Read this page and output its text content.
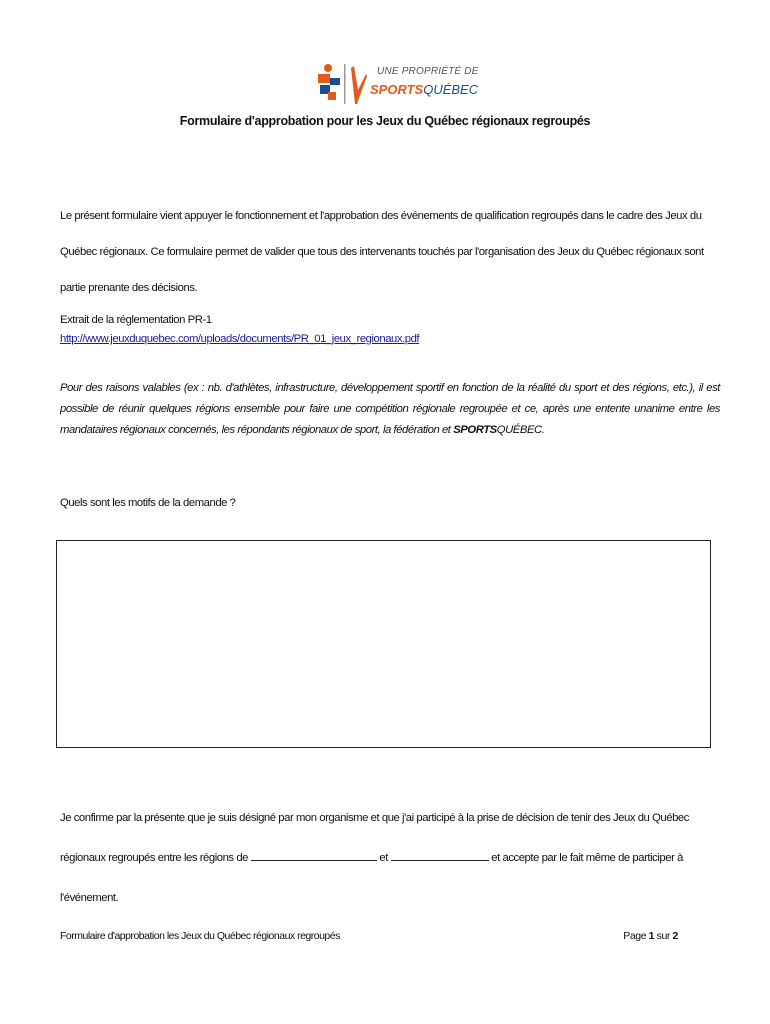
UNE PROPRIÉTÉ DE
SPORTSQUÉBEC
Formulaire d'approbation pour les Jeux du Québec régionaux regroupés
Le présent formulaire vient appuyer le fonctionnement et l'approbation des événements de qualification regroupés dans le cadre des Jeux du Québec régionaux. Ce formulaire permet de valider que tous des intervenants touchés par l'organisation des Jeux du Québec régionaux sont partie prenante des décisions.
Extrait de la réglementation PR-1
http://www.jeuxduquebec.com/uploads/documents/PR_01_jeux_regionaux.pdf
Pour des raisons valables (ex : nb. d'athlètes, infrastructure, développement sportif en fonction de la réalité du sport et des régions, etc.), il est possible de réunir quelques régions ensemble pour faire une compétition régionale regroupée et ce, après une entente unanime entre les mandataires régionaux concernés, les répondants régionaux de sport, la fédération et SPORTSQUÉBEC.
Quels sont les motifs de la demande ?
Je confirme par la présente que je suis désigné par mon organisme et que j'ai participé à la prise de décision de tenir des Jeux du Québec régionaux regroupés entre les régions de	et	et accepte par le fait même de participer à l'événement.
Formulaire d'approbation les Jeux du Québec régionaux regroupés	Page 1 sur 2
